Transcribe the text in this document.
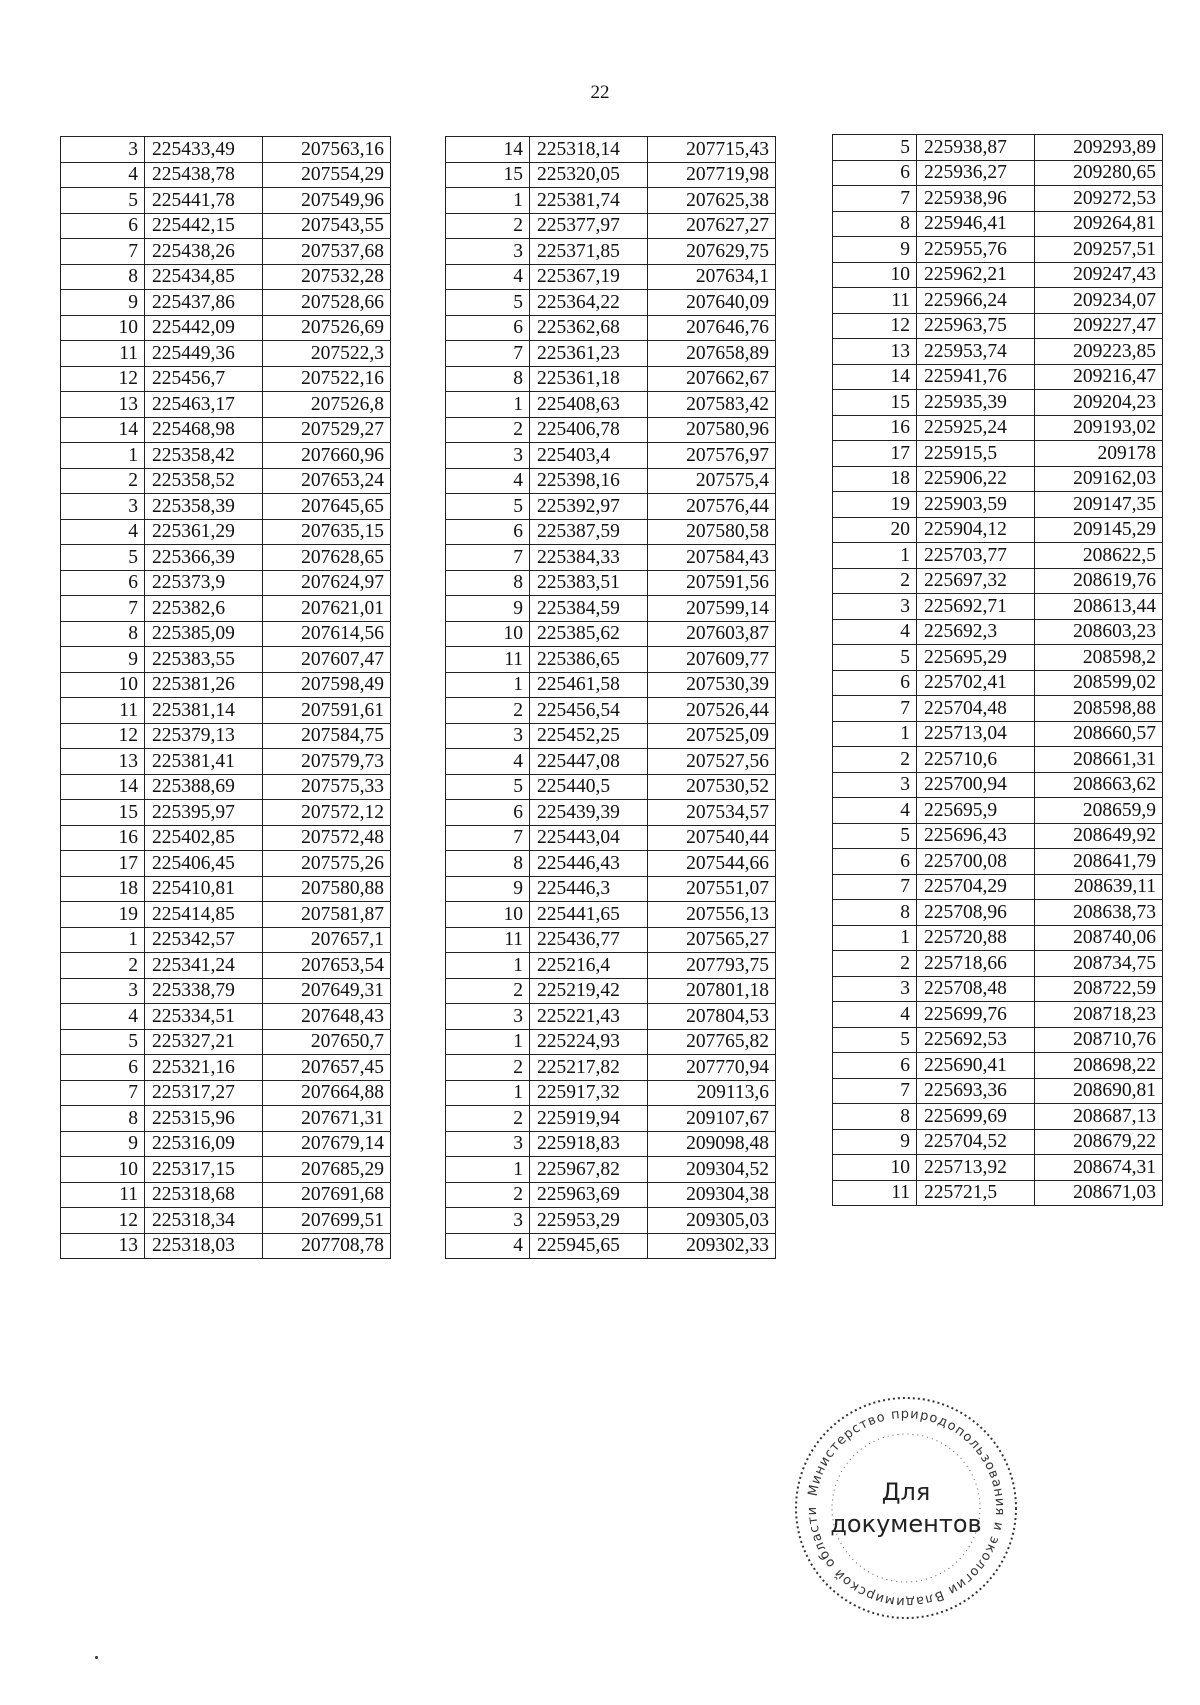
22
3	225433,49	207563,16
4	225438,78	207554,29
5	225441,78	207549,96
6	225442,15	207543,55
7	225438,26	207537,68
8	225434,85	207532,28
9	225437,86	207528,66
10	225442,09	207526,69
11	225449,36	207522,3
12	225456,7	207522,16
13	225463,17	207526,8
14	225468,98	207529,27
1	225358,42	207660,96
2	225358,52	207653,24
3	225358,39	207645,65
4	225361,29	207635,15
5	225366,39	207628,65
6	225373,9	207624,97
7	225382,6	207621,01
8	225385,09	207614,56
9	225383,55	207607,47
10	225381,26	207598,49
11	225381,14	207591,61
12	225379,13	207584,75
13	225381,41	207579,73
14	225388,69	207575,33
15	225395,97	207572,12
16	225402,85	207572,48
17	225406,45	207575,26
18	225410,81	207580,88
19	225414,85	207581,87
1	225342,57	207657,1
2	225341,24	207653,54
3	225338,79	207649,31
4	225334,51	207648,43
5	225327,21	207650,7
6	225321,16	207657,45
7	225317,27	207664,88
8	225315,96	207671,31
9	225316,09	207679,14
10	225317,15	207685,29
11	225318,68	207691,68
12	225318,34	207699,51
13	225318,03	207708,78
14	225318,14	207715,43
15	225320,05	207719,98
1	225381,74	207625,38
2	225377,97	207627,27
3	225371,85	207629,75
4	225367,19	207634,1
5	225364,22	207640,09
6	225362,68	207646,76
7	225361,23	207658,89
8	225361,18	207662,67
1	225408,63	207583,42
2	225406,78	207580,96
3	225403,4	207576,97
4	225398,16	207575,4
5	225392,97	207576,44
6	225387,59	207580,58
7	225384,33	207584,43
8	225383,51	207591,56
9	225384,59	207599,14
10	225385,62	207603,87
11	225386,65	207609,77
1	225461,58	207530,39
2	225456,54	207526,44
3	225452,25	207525,09
4	225447,08	207527,56
5	225440,5	207530,52
6	225439,39	207534,57
7	225443,04	207540,44
8	225446,43	207544,66
9	225446,3	207551,07
10	225441,65	207556,13
11	225436,77	207565,27
1	225216,4	207793,75
2	225219,42	207801,18
3	225221,43	207804,53
1	225224,93	207765,82
2	225217,82	207770,94
1	225917,32	209113,6
2	225919,94	209107,67
3	225918,83	209098,48
1	225967,82	209304,52
2	225963,69	209304,38
3	225953,29	209305,03
4	225945,65	209302,33
5	225938,87	209293,89
6	225936,27	209280,65
7	225938,96	209272,53
8	225946,41	209264,81
9	225955,76	209257,51
10	225962,21	209247,43
11	225966,24	209234,07
12	225963,75	209227,47
13	225953,74	209223,85
14	225941,76	209216,47
15	225935,39	209204,23
16	225925,24	209193,02
17	225915,5	209178
18	225906,22	209162,03
19	225903,59	209147,35
20	225904,12	209145,29
1	225703,77	208622,5
2	225697,32	208619,76
3	225692,71	208613,44
4	225692,3	208603,23
5	225695,29	208598,2
6	225702,41	208599,02
7	225704,48	208598,88
1	225713,04	208660,57
2	225710,6	208661,31
3	225700,94	208663,62
4	225695,9	208659,9
5	225696,43	208649,92
6	225700,08	208641,79
7	225704,29	208639,11
8	225708,96	208638,73
1	225720,88	208740,06
2	225718,66	208734,75
3	225708,48	208722,59
4	225699,76	208718,23
5	225692,53	208710,76
6	225690,41	208698,22
7	225693,36	208690,81
8	225699,69	208687,13
9	225704,52	208679,22
10	225713,92	208674,31
11	225721,5	208671,03
Министерство природопользования и экологии Владимирской области
Для
документов
